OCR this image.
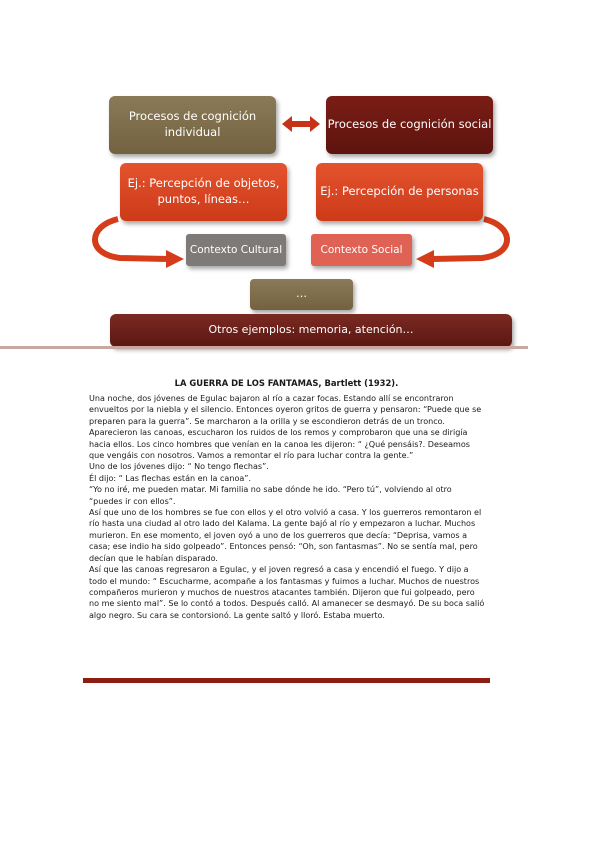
Procesos de cognición individual
Procesos de cognición social
Ej.: Percepción de objetos, puntos, líneas…
Ej.: Percepción de personas
Contexto Cultural	Contexto Social
…
Otros ejemplos: memoria, atención…
LA GUERRA DE LOS FANTAMAS, Bartlett (1932).

Una noche, dos jóvenes de Egulac bajaron al río a cazar focas. Estando allí se encontraron envueltos por la niebla y el silencio. Entonces oyeron gritos de guerra y pensaron: “Puede que se preparen para la guerra”. Se marcharon a la orilla y se escondieron detrás de un tronco. Aparecieron las canoas, escucharon los ruidos de los remos y comprobaron que una se dirigía hacia ellos. Los cinco hombres que venían en la canoa les dijeron: “ ¿Qué pensáis?. Deseamos que vengáis con nosotros. Vamos a remontar el río para luchar contra la gente.”

Uno de los jóvenes dijo: “ No tengo flechas”.

Él dijo: “ Las flechas están en la canoa”.

“Yo no iré, me pueden matar. Mi familia no sabe dónde he ido. “Pero tú”, volviendo al otro “puedes ir con ellos”.

Así que uno de los hombres se fue con ellos y el otro volvió a casa. Y los guerreros remontaron el río hasta una ciudad al otro lado del Kalama. La gente bajó al río y empezaron a luchar. Muchos murieron. En ese momento, el joven oyó a uno de los guerreros que decía: “Deprisa, vamos a casa; ese indio ha sido golpeado”. Entonces pensó: “Oh, son fantasmas”. No se sentía mal, pero decían que le habían disparado.

Así que las canoas regresaron a Egulac, y el joven regresó a casa y encendió el fuego. Y dijo a todo el mundo: “ Escucharme, acompañe a los fantasmas y fuimos a luchar. Muchos de nuestros compañeros murieron y muchos de nuestros atacantes también. Dijeron que fui golpeado, pero no me siento mal”. Se lo contó a todos. Después calló. Al amanecer se desmayó. De su boca salió algo negro. Su cara se contorsionó. La gente saltó y lloró. Estaba muerto.
